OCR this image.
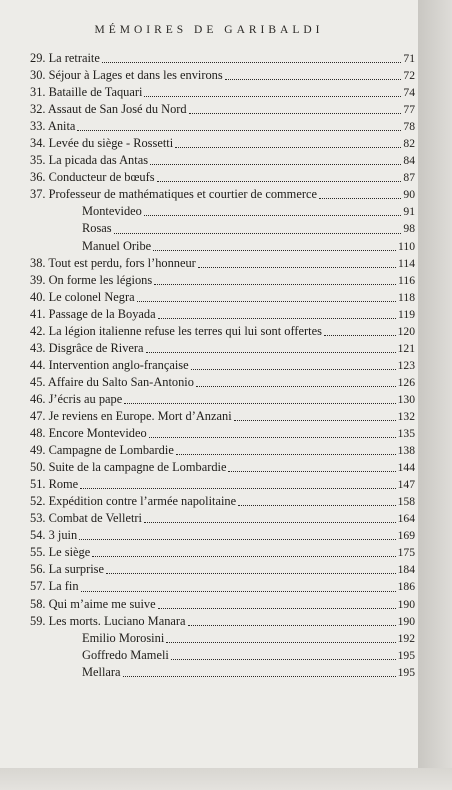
MÉMOIRES DE GARIBALDI
29. La retraite	71
30. Séjour à Lages et dans les environs	72
31. Bataille de Taquari	74
32. Assaut de San José du Nord	77
33. Anita	78
34. Levée du siège - Rossetti	82
35. La picada das Antas	84
36. Conducteur de bœufs	87
37. Professeur de mathématiques et courtier de commerce	90
Montevideo	91
Rosas	98
Manuel Oribe	110
38. Tout est perdu, fors l’honneur	114
39. On forme les légions	116
40. Le colonel Negra	118
41. Passage de la Boyada	119
42. La légion italienne refuse les terres qui lui sont offertes	120
43. Disgrâce de Rivera	121
44. Intervention anglo-française	123
45. Affaire du Salto San-Antonio	126
46. J’écris au pape	130
47. Je reviens en Europe. Mort d’Anzani	132
48. Encore Montevideo	135
49. Campagne de Lombardie	138
50. Suite de la campagne de Lombardie	144
51. Rome	147
52. Expédition contre l’armée napolitaine	158
53. Combat de Velletri	164
54. 3 juin	169
55. Le siège	175
56. La surprise	184
57. La fin	186
58. Qui m’aime me suive	190
59. Les morts. Luciano Manara	190
Emilio Morosini	192
Goffredo Mameli	195
Mellara	195
